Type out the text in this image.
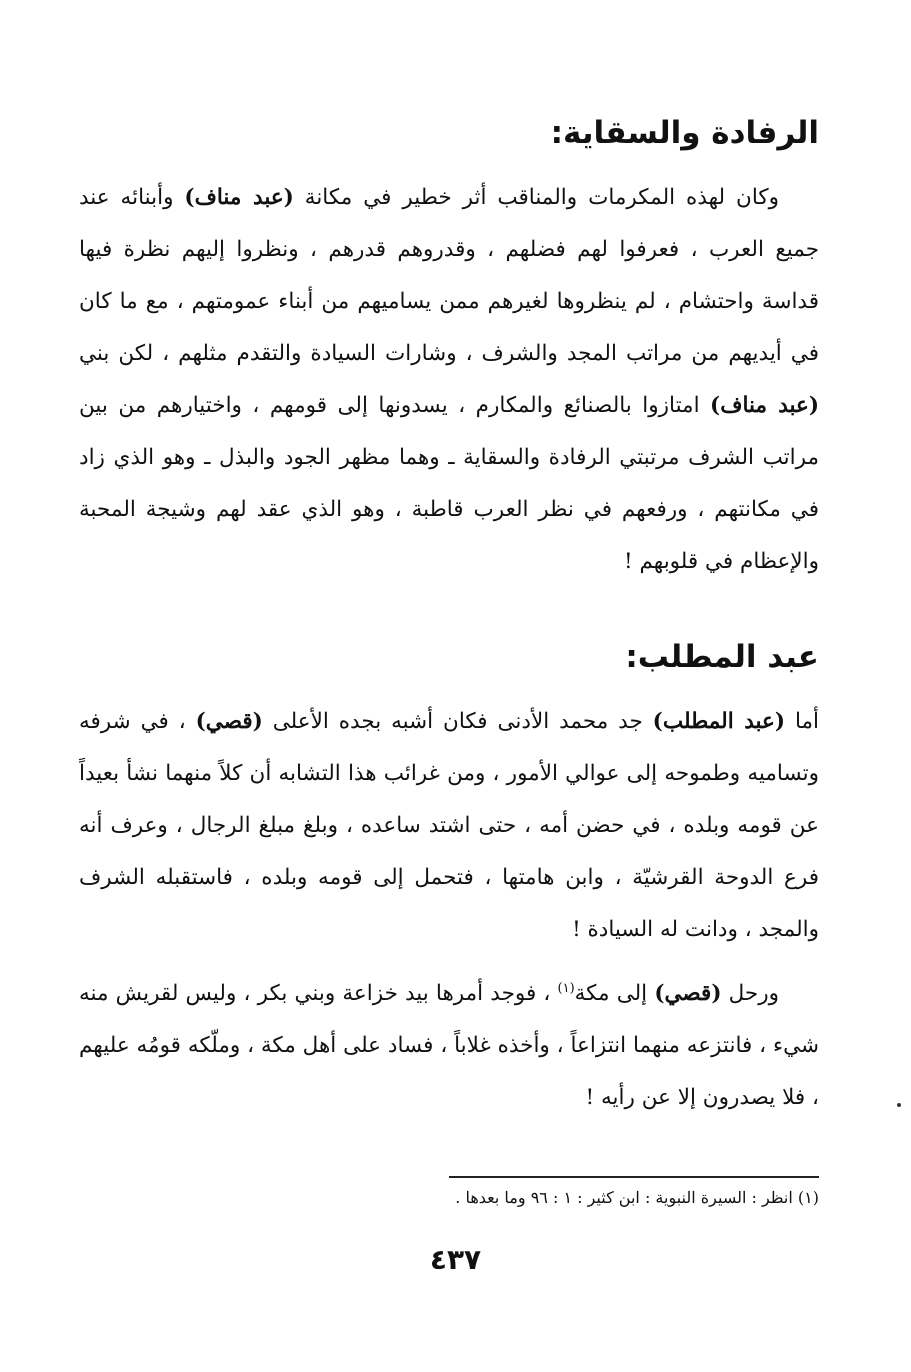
الرفادة والسقاية:

وكان لهذه المكرمات والمناقب أثر خطير في مكانة (عبد مناف) وأبنائه عند جميع العرب ، فعرفوا لهم فضلهم ، وقدروهم قدرهم ، ونظروا إليهم نظرة فيها قداسة واحتشام ، لم ينظروها لغيرهم ممن يساميهم من أبناء عمومتهم ، مع ما كان في أيديهم من مراتب المجد والشرف ، وشارات السيادة والتقدم مثلهم ، لكن بني (عبد مناف) امتازوا بالصنائع والمكارم ، يسدونها إلى قومهم ، واختيارهم من بين مراتب الشرف مرتبتي الرفادة والسقاية ـ وهما مظهر الجود والبذل ـ وهو الذي زاد في مكانتهم ، ورفعهم في نظر العرب قاطبة ، وهو الذي عقد لهم وشيجة المحبة والإعظام في قلوبهم !

عبد المطلب:

أما (عبد المطلب) جد محمد الأدنى فكان أشبه بجده الأعلى (قصي) ، في شرفه وتساميه وطموحه إلى عوالي الأمور ، ومن غرائب هذا التشابه أن كلاً منهما نشأ بعيداً عن قومه وبلده ، في حضن أمه ، حتى اشتد ساعده ، وبلغ مبلغ الرجال ، وعرف أنه فرع الدوحة القرشيّة ، وابن هامتها ، فتحمل إلى قومه وبلده ، فاستقبله الشرف والمجد ، ودانت له السيادة !

ورحل (قصي) إلى مكة$^{(١)}$ ، فوجد أمرها بيد خزاعة وبني بكر ، وليس لقريش منه شيء ، فانتزعه منهما انتزاعاً ، وأخذه غلاباً ، فساد على أهل مكة ، وملّكه قومُه عليهم ، فلا يصدرون إلا عن رأيه !

(١) انظر : السيرة النبوية : ابن كثير : ١ : ٩٦ وما بعدها .
٤٣٧
